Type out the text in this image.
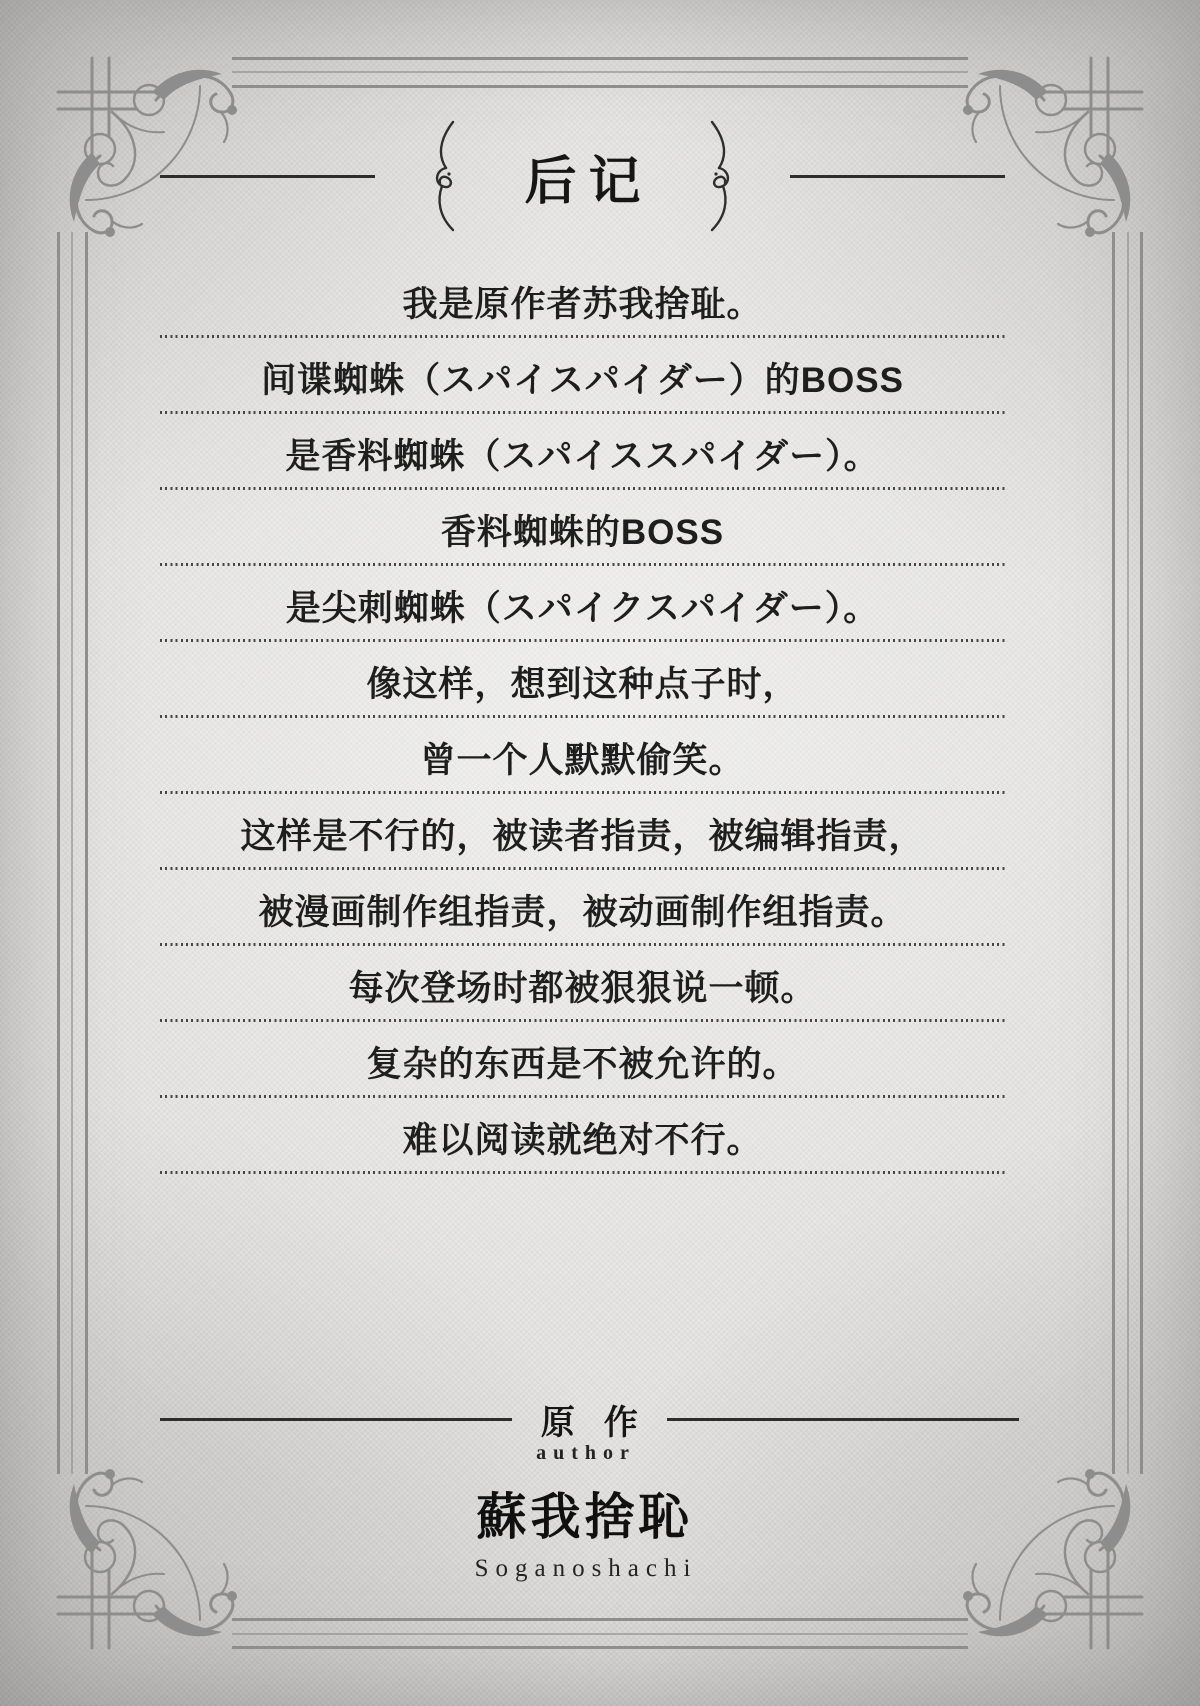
后记

我是原作者苏我捨耻。

间谍蜘蛛（スパイスパイダー）的BOSS

是香料蜘蛛（スパイススパイダー）。

香料蜘蛛的BOSS

是尖刺蜘蛛（スパイクスパイダー）。

像这样，想到这种点子时，

曾一个人默默偷笑。

这样是不行的，被读者指责，被编辑指责，

被漫画制作组指责，被动画制作组指责。

每次登场时都被狠狠说一顿。

复杂的东西是不被允许的。

难以阅读就绝对不行。

原作
author
蘇我捨恥
Soganoshachi
